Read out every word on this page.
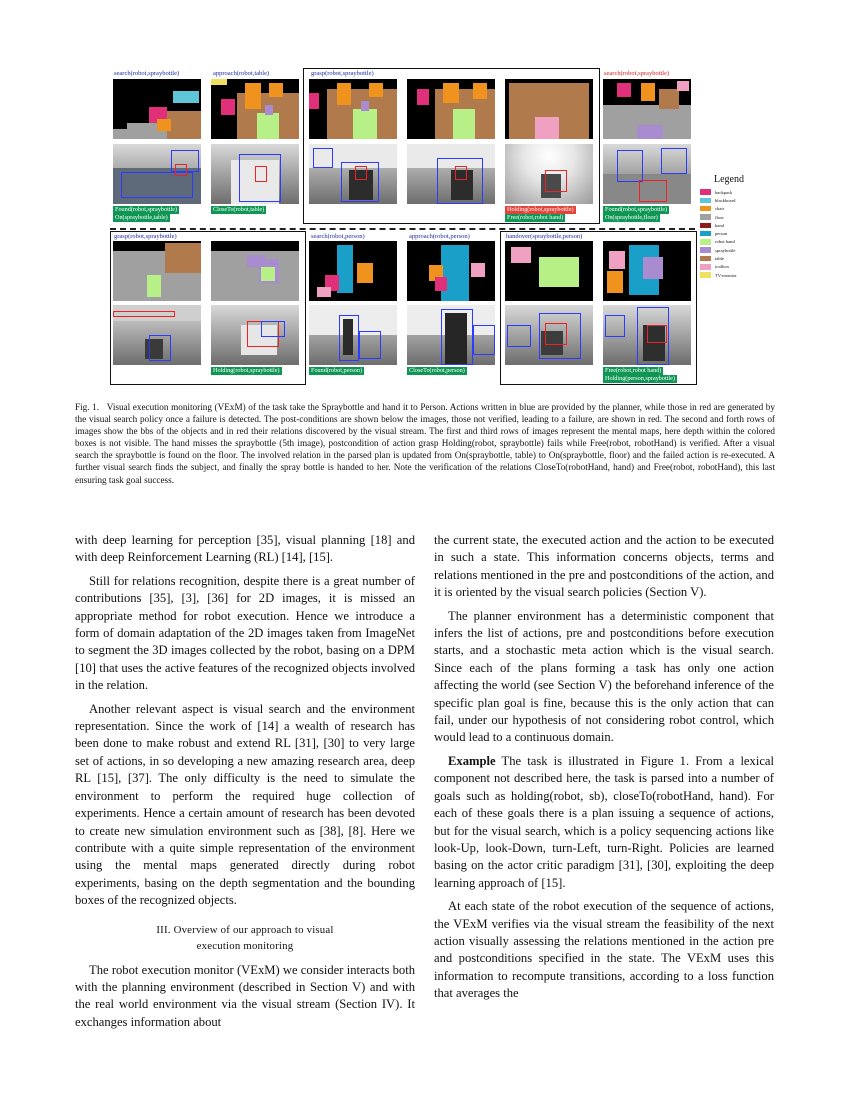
search(robot,spraybottle)	approach(robot,table)	grasp(robot,spraybottle)	search(robot,spraybottle)
Found(robot,spraybottle)
On(spraybottle,table)
CloseTo(robot,table)	Holding(robot,spraybottle)
Free(robot,robot hand)
Found(robot,spraybottle)
On(spraybottle,floor)
grasp(robot,spraybottle)	search(robot,person)	approach(robot,person)	handover(spraybottle,person)
Holding(robot,spraybottle)	Found(robot,person)	CloseTo(robot,person)	Free(robot,robot hand)
Holding(person,spraybottle)
Legend
backpack
blackboard
chair
floor
hand
person
robot hand
spraybottle
table
toolbox
TV-monitor
Fig. 1. Visual execution monitoring (VExM) of the task take the Spraybottle and hand it to Person. Actions written in blue are provided by the planner, while those in red are generated by the visual search policy once a failure is detected. The post-conditions are shown below the images, those not verified, leading to a failure, are shown in red. The second and forth rows of images show the bbs of the objects and in red their relations discovered by the visual stream. The first and third rows of images represent the mental maps, here depth within the colored boxes is not visible. The hand misses the spraybottle (5th image), postcondition of action grasp Holding(robot, spraybottle) fails while Free(robot, robotHand) is verified. After a visual search the spraybottle is found on the floor. The involved relation in the parsed plan is updated from On(spraybottle, table) to On(spraybottle, floor) and the failed action is re-executed. A further visual search finds the subject, and finally the spray bottle is handed to her. Note the verification of the relations CloseTo(robotHand, hand) and Free(robot, robotHand), this last ensuring task goal success.

with deep learning for perception [35], visual planning [18] and with deep Reinforcement Learning (RL) [14], [15].

Still for relations recognition, despite there is a great number of contributions [35], [3], [36] for 2D images, it is missed an appropriate method for robot execution. Hence we introduce a form of domain adaptation of the 2D images taken from ImageNet to segment the 3D images collected by the robot, basing on a DPM [10] that uses the active features of the recognized objects involved in the relation.

Another relevant aspect is visual search and the environment representation. Since the work of [14] a wealth of research has been done to make robust and extend RL [31], [30] to very large set of actions, in so developing a new amazing research area, deep RL [15], [37]. The only difficulty is the need to simulate the environment to perform the required huge collection of experiments. Hence a certain amount of research has been devoted to create new simulation environment such as [38], [8]. Here we contribute with a quite simple representation of the environment using the mental maps generated directly during robot experiments, basing on the depth segmentation and the bounding boxes of the recognized objects.

III. Overview of our approach to visual
execution monitoring

The robot execution monitor (VExM) we consider interacts both with the planning environment (described in Section V) and with the real world environment via the visual stream (Section IV). It exchanges information about

the current state, the executed action and the action to be executed in such a state. This information concerns objects, terms and relations mentioned in the pre and postconditions of the action, and it is oriented by the visual search policies (Section V).

The planner environment has a deterministic component that infers the list of actions, pre and postconditions before execution starts, and a stochastic meta action which is the visual search. Since each of the plans forming a task has only one action affecting the world (see Section V) the beforehand inference of the specific plan goal is fine, because this is the only action that can fail, under our hypothesis of not considering robot control, which would lead to a continuous domain.

Example The task is illustrated in Figure 1. From a lexical component not described here, the task is parsed into a number of goals such as holding(robot, sb), closeTo(robotHand, hand). For each of these goals there is a plan issuing a sequence of actions, but for the visual search, which is a policy sequencing actions like look-Up, look-Down, turn-Left, turn-Right. Policies are learned basing on the actor critic paradigm [31], [30], exploiting the deep learning approach of [15].

At each state of the robot execution of the sequence of actions, the VExM verifies via the visual stream the feasibility of the next action visually assessing the relations mentioned in the action pre and postconditions specified in the state. The VExM uses this information to recompute transitions, according to a loss function that averages the
